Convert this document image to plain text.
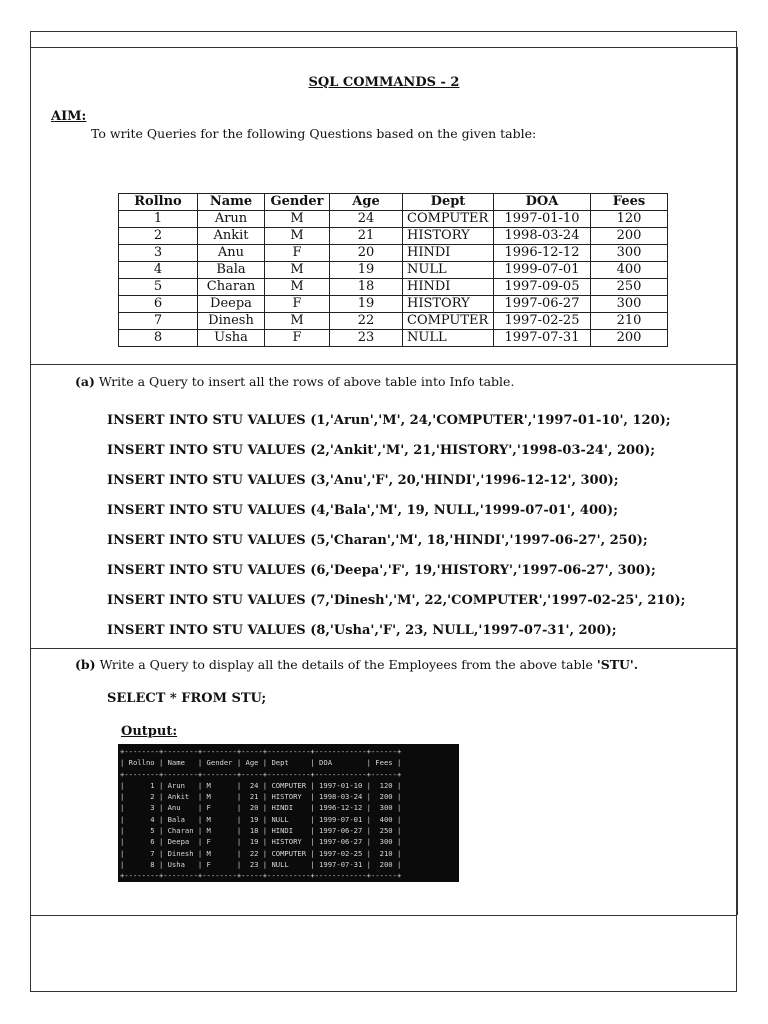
SQL COMMANDS - 2
AIM:
To write Queries for the following Questions based on the given table:
Rollno	Name	Gender	Age	Dept	DOA	Fees
1	Arun	M	24	COMPUTER	1997-01-10	120
2	Ankit	M	21	HISTORY	1998-03-24	200
3	Anu	F	20	HINDI	1996-12-12	300
4	Bala	M	19	NULL	1999-07-01	400
5	Charan	M	18	HINDI	1997-09-05	250
6	Deepa	F	19	HISTORY	1997-06-27	300
7	Dinesh	M	22	COMPUTER	1997-02-25	210
8	Usha	F	23	NULL	1997-07-31	200
(a) Write a Query to insert all the rows of above table into Info table.
INSERT INTO STU VALUES (1,'Arun','M', 24,'COMPUTER','1997-01-10', 120);
INSERT INTO STU VALUES (2,'Ankit','M', 21,'HISTORY','1998-03-24', 200);
INSERT INTO STU VALUES (3,'Anu','F', 20,'HINDI','1996-12-12', 300);
INSERT INTO STU VALUES (4,'Bala','M', 19, NULL,'1999-07-01', 400);
INSERT INTO STU VALUES (5,'Charan','M', 18,'HINDI','1997-06-27', 250);
INSERT INTO STU VALUES (6,'Deepa','F', 19,'HISTORY','1997-06-27', 300);
INSERT INTO STU VALUES (7,'Dinesh','M', 22,'COMPUTER','1997-02-25', 210);
INSERT INTO STU VALUES (8,'Usha','F', 23, NULL,'1997-07-31', 200);
(b) Write a Query to display all the details of the Employees from the above table 'STU'.
SELECT * FROM STU;
Output:
+--------+--------+--------+-----+----------+------------+------+
| Rollno | Name   | Gender | Age | Dept     | DOA        | Fees |
+--------+--------+--------+-----+----------+------------+------+
|      1 | Arun   | M      |  24 | COMPUTER | 1997-01-10 |  120 |
|      2 | Ankit  | M      |  21 | HISTORY  | 1998-03-24 |  200 |
|      3 | Anu    | F      |  20 | HINDI    | 1996-12-12 |  300 |
|      4 | Bala   | M      |  19 | NULL     | 1999-07-01 |  400 |
|      5 | Charan | M      |  18 | HINDI    | 1997-06-27 |  250 |
|      6 | Deepa  | F      |  19 | HISTORY  | 1997-06-27 |  300 |
|      7 | Dinesh | M      |  22 | COMPUTER | 1997-02-25 |  210 |
|      8 | Usha   | F      |  23 | NULL     | 1997-07-31 |  200 |
+--------+--------+--------+-----+----------+------------+------+
